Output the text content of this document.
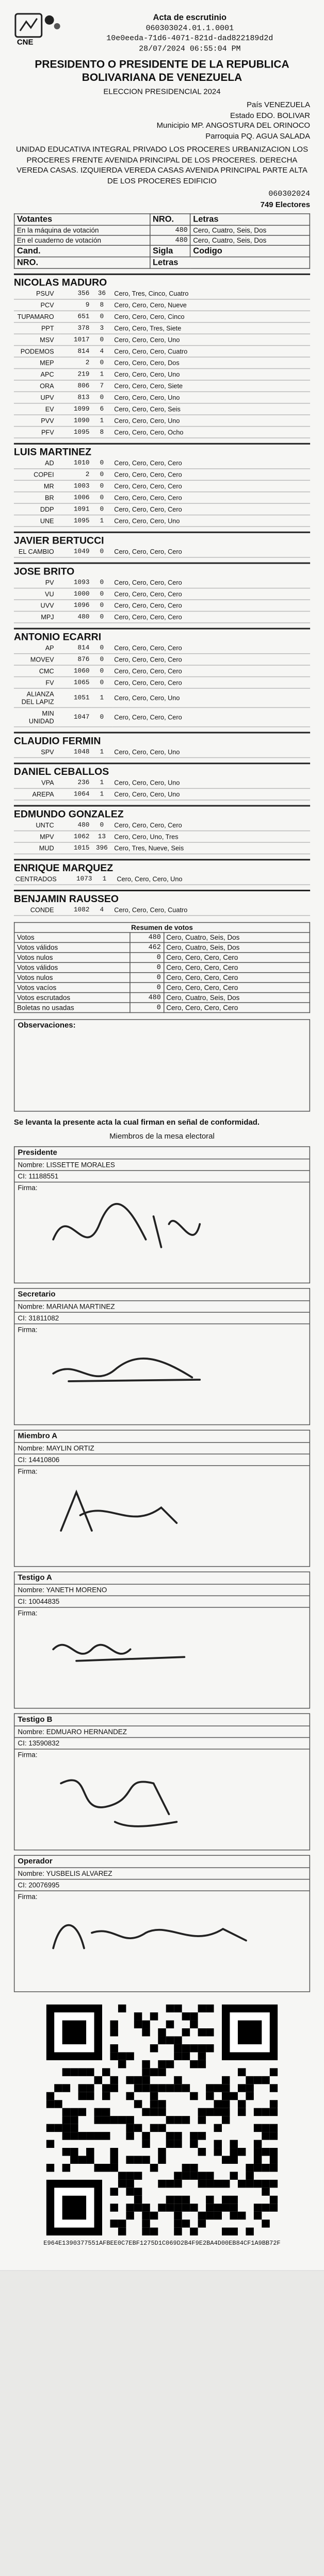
CNE
Acta de escrutinio
060303024.01.1.0001
10e0eeda-71d6-4071-821d-dad822189d2d
28/07/2024 06:55:04 PM
PRESIDENTO O PRESIDENTE DE LA REPUBLICA BOLIVARIANA DE VENEZUELA
ELECCION PRESIDENCIAL 2024
País VENEZUELA
Estado EDO. BOLIVAR
Municipio MP. ANGOSTURA DEL ORINOCO
Parroquia PQ. AGUA SALADA
UNIDAD EDUCATIVA INTEGRAL PRIVADO LOS PROCERES URBANIZACION LOS PROCERES FRENTE AVENIDA PRINCIPAL DE LOS PROCERES. DERECHA VEREDA CASAS. IZQUIERDA VEREDA CASAS AVENIDA PRINCIPAL PARTE ALTA DE LOS PROCERES EDIFICIO
060302024
749 Electores
Votantes	NRO.	Letras
En la máquina de votación	480	Cero, Cuatro, Seis, Dos
En el cuaderno de votación	480	Cero, Cuatro, Seis, Dos
Cand.	Sigla	Codigo
NRO.	Letras	
NICOLAS MADURO
PSUV	356	36	Cero, Tres, Cinco, Cuatro
PCV	9	8	Cero, Cero, Cero, Nueve
TUPAMARO	651	0	Cero, Cero, Cero, Cinco
PPT	378	3	Cero, Cero, Tres, Siete
MSV	1017	0	Cero, Cero, Cero, Uno
PODEMOS	814	4	Cero, Cero, Cero, Cuatro
MEP	2	0	Cero, Cero, Cero, Dos
APC	219	1	Cero, Cero, Cero, Uno
ORA	806	7	Cero, Cero, Cero, Siete
UPV	813	0	Cero, Cero, Cero, Uno
EV	1099	6	Cero, Cero, Cero, Seis
PVV	1090	1	Cero, Cero, Cero, Uno
PFV	1095	8	Cero, Cero, Cero, Ocho
LUIS MARTINEZ
AD	1010	0	Cero, Cero, Cero, Cero
COPEI	2	0	Cero, Cero, Cero, Cero
MR	1003	0	Cero, Cero, Cero, Cero
BR	1006	0	Cero, Cero, Cero, Cero
DDP	1091	0	Cero, Cero, Cero, Cero
UNE	1095	1	Cero, Cero, Cero, Uno
JAVIER BERTUCCI
EL CAMBIO	1049	0	Cero, Cero, Cero, Cero
JOSE BRITO
PV	1093	0	Cero, Cero, Cero, Cero
VU	1000	0	Cero, Cero, Cero, Cero
UVV	1096	0	Cero, Cero, Cero, Cero
MPJ	480	0	Cero, Cero, Cero, Cero
ANTONIO ECARRI
AP	814	0	Cero, Cero, Cero, Cero
MOVEV	876	0	Cero, Cero, Cero, Cero
CMC	1060	0	Cero, Cero, Cero, Cero
FV	1065	0	Cero, Cero, Cero, Cero
ALIANZA DEL LAPIZ	1051	1	Cero, Cero, Cero, Uno
MIN UNIDAD	1047	0	Cero, Cero, Cero, Cero
CLAUDIO FERMIN
SPV	1048	1	Cero, Cero, Cero, Uno
DANIEL CEBALLOS
VPA	236	1	Cero, Cero, Cero, Uno
AREPA	1064	1	Cero, Cero, Cero, Uno
EDMUNDO GONZALEZ
UNTC	480	0	Cero, Cero, Cero, Cero
MPV	1062	13	Cero, Cero, Uno, Tres
MUD	1015	396	Cero, Tres, Nueve, Seis
ENRIQUE MARQUEZ
CENTRADOS	1073	1	Cero, Cero, Cero, Uno
BENJAMIN RAUSSEO
CONDE	1082	4	Cero, Cero, Cero, Cuatro
Resumen de votos		
Votos	480	Cero, Cuatro, Seis, Dos
Votos válidos	462	Cero, Cuatro, Seis, Dos
Votos nulos	0	Cero, Cero, Cero, Cero
Votos válidos	0	Cero, Cero, Cero, Cero
Votos nulos	0	Cero, Cero, Cero, Cero
Votos vacíos	0	Cero, Cero, Cero, Cero
Votos escrutados	480	Cero, Cuatro, Seis, Dos
Boletas no usadas	0	Cero, Cero, Cero, Cero
Observaciones:
Se levanta la presente acta la cual firman en señal de conformidad.
Miembros de la mesa electoral
Presidente
Nombre: LISSETTE MORALES
CI: 11188551
Firma:
Secretario
Nombre: MARIANA MARTINEZ
CI: 31811082
Firma:
Miembro A
Nombre: MAYLIN ORTIZ
CI: 14410806
Firma:
Testigo A
Nombre: YANETH MORENO
CI: 10044835
Firma:
Testigo B
Nombre: EDMUARO HERNANDEZ
CI: 13590832
Firma:
Operador
Nombre: YUSBELIS ALVAREZ
CI: 20076995
Firma:
E964E1390377551AFBEE0C7EBF1275D1C069D2B4F9E2BA4D00EB84CF1A9BB72F
